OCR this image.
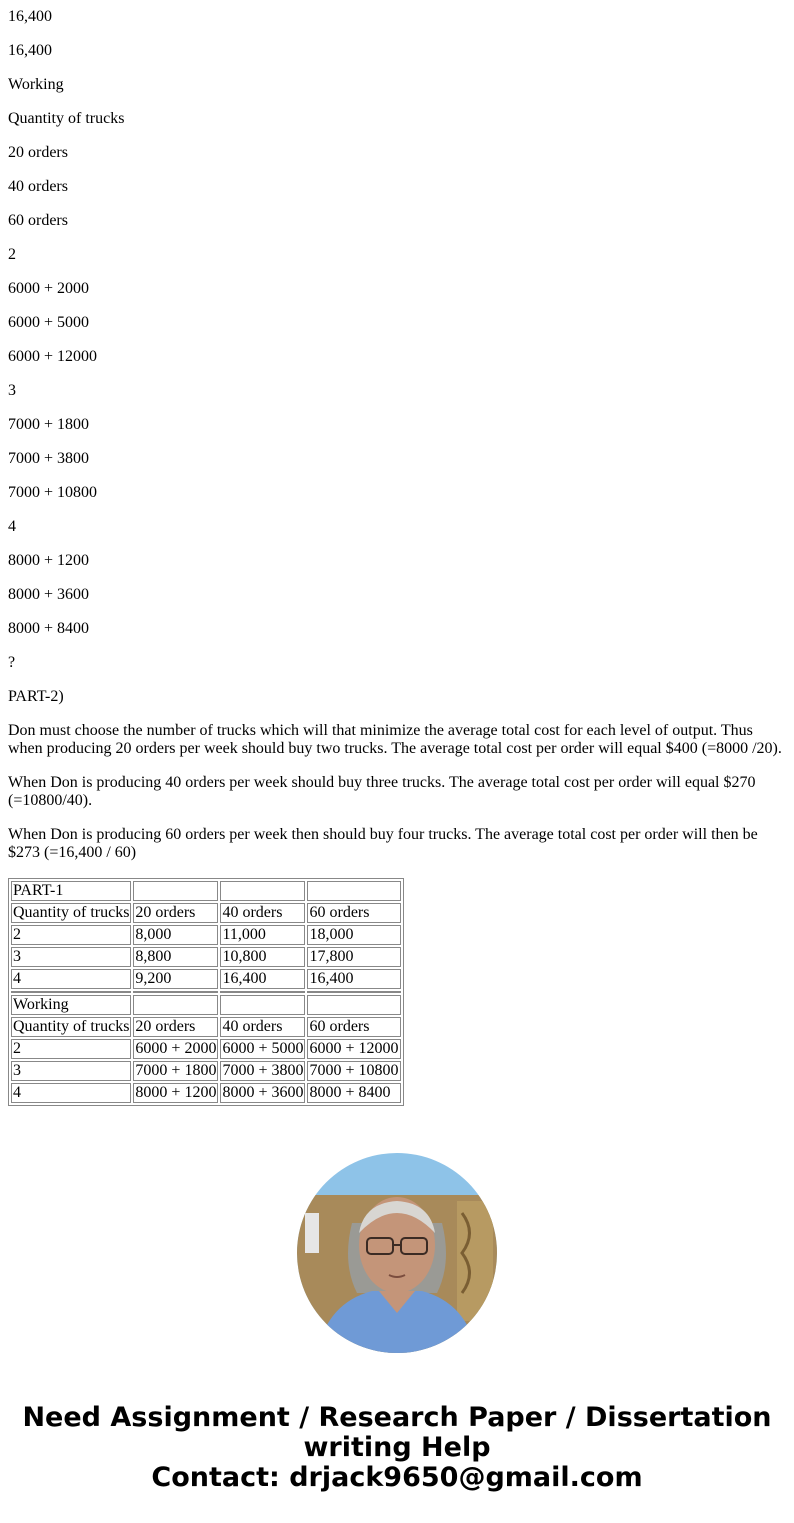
16,400

16,400

Working

Quantity of trucks

20 orders

40 orders

60 orders

2

6000 + 2000

6000 + 5000

6000 + 12000

3

7000 + 1800

7000 + 3800

7000 + 10800

4

8000 + 1200

8000 + 3600

8000 + 8400

?

PART-2)

Don must choose the number of trucks which will that minimize the average total cost for each level of output. Thus when producing 20 orders per week should buy two trucks. The average total cost per order will equal $400 (=8000 /20).

When Don is producing 40 orders per week should buy three trucks. The average total cost per order will equal $270 (=10800/40).

When Don is producing 60 orders per week then should buy four trucks. The average total cost per order will then be $273 (=16,400 / 60)

PART-1			
Quantity of trucks	20 orders	40 orders	60 orders
2	8,000	11,000	18,000
3	8,800	10,800	17,800
4	9,200	16,400	16,400

Working			
Quantity of trucks	20 orders	40 orders	60 orders
2	6000 + 2000	6000 + 5000	6000 + 12000
3	7000 + 1800	7000 + 3800	7000 + 10800
4	8000 + 1200	8000 + 3600	8000 + 8400
Need Assignment / Research Paper / Dissertation
writing Help
Contact: drjack9650@gmail.com
